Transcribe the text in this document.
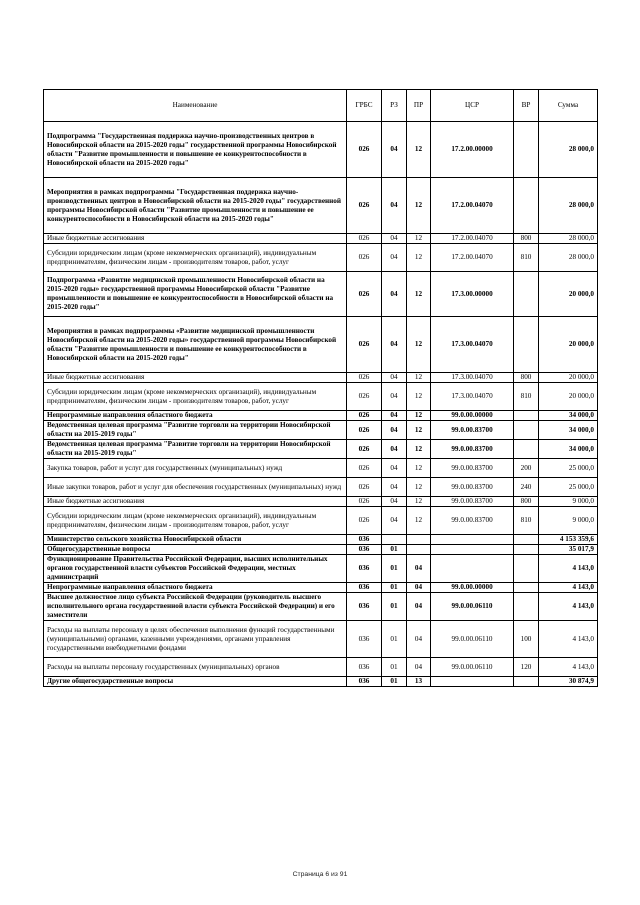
Наименование	ГРБС	РЗ	ПР	ЦСР	ВР	Сумма
Подпрограмма "Государственная поддержка научно-производственных центров в Новосибирской области на 2015-2020 годы" государственной программы Новосибирской области "Развитие промышленности и повышение ее конкурентоспособности в Новосибирской области на 2015-2020 годы"	026	04	12	17.2.00.00000		28 000,0
Мероприятия в рамках подпрограммы "Государственная поддержка научно-производственных центров в Новосибирской области на 2015-2020 годы" государственной программы Новосибирской области "Развитие промышленности и повышение ее конкурентоспособности в Новосибирской области на 2015-2020 годы"	026	04	12	17.2.00.04070		28 000,0
Иные бюджетные ассигнования	026	04	12	17.2.00.04070	800	28 000,0
Субсидии юридическим лицам (кроме некоммерческих организаций), индивидуальным предпринимателям, физическим лицам - производителям товаров, работ, услуг	026	04	12	17.2.00.04070	810	28 000,0
Подпрограмма «Развитие медицинской промышленности Новосибирской области на 2015-2020 годы» государственной программы Новосибирской области "Развитие промышленности и повышение ее конкурентоспособности в Новосибирской области на 2015-2020 годы"	026	04	12	17.3.00.00000		20 000,0
Мероприятия в рамках подпрограммы «Развитие медицинской промышленности Новосибирской области на 2015-2020 годы» государственной программы Новосибирской области "Развитие промышленности и повышение ее конкурентоспособности в Новосибирской области на 2015-2020 годы"	026	04	12	17.3.00.04070		20 000,0
Иные бюджетные ассигнования	026	04	12	17.3.00.04070	800	20 000,0
Субсидии юридическим лицам (кроме некоммерческих организаций), индивидуальным предпринимателям, физическим лицам - производителям товаров, работ, услуг	026	04	12	17.3.00.04070	810	20 000,0
Непрограммные направления областного бюджета	026	04	12	99.0.00.00000		34 000,0
Ведомственная целевая программа "Развитие торговли на территории Новосибирской области на 2015-2019 годы"	026	04	12	99.0.00.83700		34 000,0
Ведомственная целевая программа "Развитие торговли на территории Новосибирской области на 2015-2019 годы"	026	04	12	99.0.00.83700		34 000,0
Закупка товаров, работ и услуг для государственных (муниципальных) нужд	026	04	12	99.0.00.83700	200	25 000,0
Иные закупки товаров, работ и услуг для обеспечения государственных (муниципальных) нужд	026	04	12	99.0.00.83700	240	25 000,0
Иные бюджетные ассигнования	026	04	12	99.0.00.83700	800	9 000,0
Субсидии юридическим лицам (кроме некоммерческих организаций), индивидуальным предпринимателям, физическим лицам - производителям товаров, работ, услуг	026	04	12	99.0.00.83700	810	9 000,0
Министерство сельского хозяйства Новосибирской области	036					4 153 359,6
Общегосударственные вопросы	036	01				35 017,9
Функционирование Правительства Российской Федерации, высших исполнительных органов государственной власти субъектов Российской Федерации, местных администраций	036	01	04			4 143,0
Непрограммные направления областного бюджета	036	01	04	99.0.00.00000		4 143,0
Высшее должностное лицо субъекта Российской Федерации (руководитель высшего исполнительного органа государственной власти субъекта Российской Федерации) и его заместители	036	01	04	99.0.00.06110		4 143,0
Расходы на выплаты персоналу в целях обеспечения выполнения функций государственными (муниципальными) органами, казенными учреждениями, органами управления государственными внебюджетными фондами	036	01	04	99.0.00.06110	100	4 143,0
Расходы на выплаты персоналу государственных (муниципальных) органов	036	01	04	99.0.00.06110	120	4 143,0
Другие общегосударственные вопросы	036	01	13			30 874,9
Страница 6 из 91
